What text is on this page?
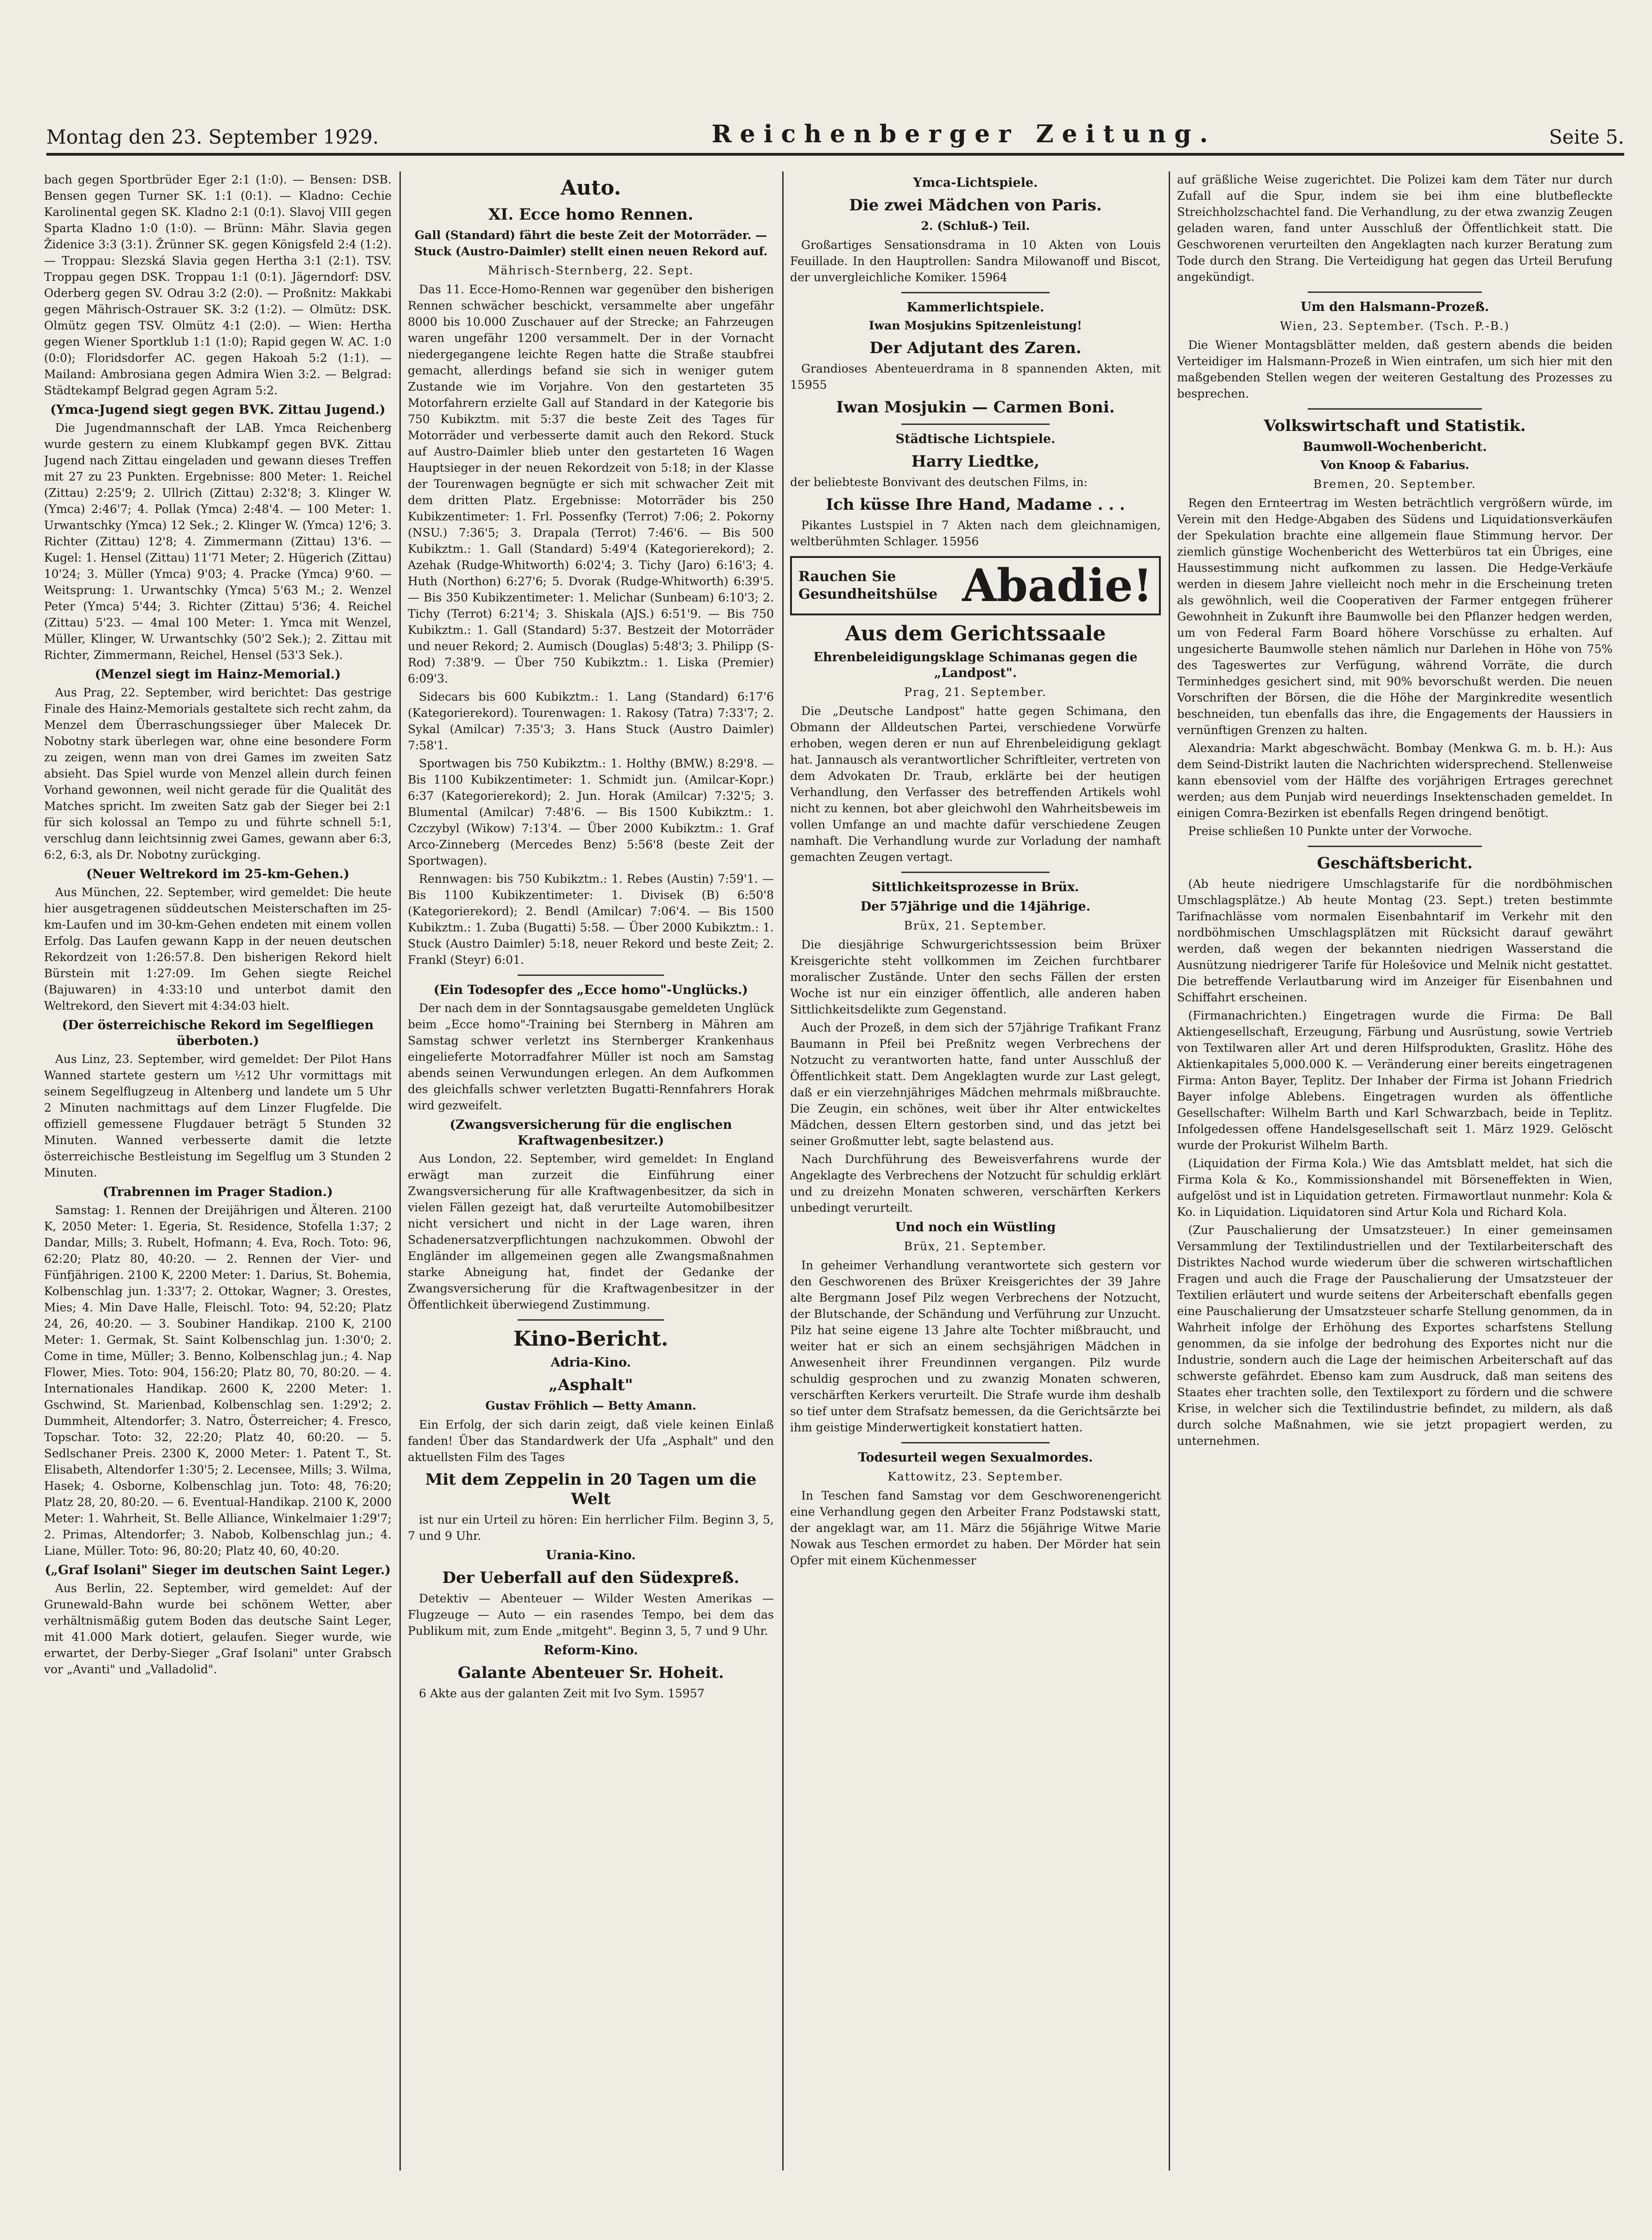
Montag den 23. September 1929.	Reichenberger Zeitung.	Seite 5.

bach gegen Sportbrüder Eger 2:1 (1:0). — Bensen: DSB. Bensen gegen Turner SK. 1:1 (0:1). — Kladno: Cechie Karolinental gegen SK. Kladno 2:1 (0:1). Slavoj VIII gegen Sparta Kladno 1:0 (1:0). — Brünn: Mähr. Slavia gegen Židenice 3:3 (3:1). Žrünner SK. gegen Königsfeld 2:4 (1:2). — Troppau: Slezská Slavia gegen Hertha 3:1 (2:1). TSV. Troppau gegen DSK. Troppau 1:1 (0:1). Jägerndorf: DSV. Oderberg gegen SV. Odrau 3:2 (2:0). — Proßnitz: Makkabi gegen Mährisch-Ostrauer SK. 3:2 (1:2). — Olmütz: DSK. Olmütz gegen TSV. Olmütz 4:1 (2:0). — Wien: Hertha gegen Wiener Sportklub 1:1 (1:0); Rapid gegen W. AC. 1:0 (0:0); Floridsdorfer AC. gegen Hakoah 5:2 (1:1). — Mailand: Ambrosiana gegen Admira Wien 3:2. — Belgrad: Städtekampf Belgrad gegen Agram 5:2.

(Ymca-Jugend siegt gegen BVK. Zittau Jugend.)

Die Jugendmannschaft der LAB. Ymca Reichenberg wurde gestern zu einem Klubkampf gegen BVK. Zittau Jugend nach Zittau eingeladen und gewann dieses Treffen mit 27 zu 23 Punkten. Ergebnisse: 800 Meter: 1. Reichel (Zittau) 2:25'9; 2. Ullrich (Zittau) 2:32'8; 3. Klinger W. (Ymca) 2:46'7; 4. Pollak (Ymca) 2:48'4. — 100 Meter: 1. Urwantschky (Ymca) 12 Sek.; 2. Klinger W. (Ymca) 12'6; 3. Richter (Zittau) 12'8; 4. Zimmermann (Zittau) 13'6. — Kugel: 1. Hensel (Zittau) 11'71 Meter; 2. Hügerich (Zittau) 10'24; 3. Müller (Ymca) 9'03; 4. Pracke (Ymca) 9'60. — Weitsprung: 1. Urwantschky (Ymca) 5'63 M.; 2. Wenzel Peter (Ymca) 5'44; 3. Richter (Zittau) 5'36; 4. Reichel (Zittau) 5'23. — 4mal 100 Meter: 1. Ymca mit Wenzel, Müller, Klinger, W. Urwantschky (50'2 Sek.); 2. Zittau mit Richter, Zimmermann, Reichel, Hensel (53'3 Sek.).

(Menzel siegt im Hainz-Memorial.)

Aus Prag, 22. September, wird berichtet: Das gestrige Finale des Hainz-Memorials gestaltete sich recht zahm, da Menzel dem Überraschungssieger über Malecek Dr. Nobotny stark überlegen war, ohne eine besondere Form zu zeigen, wenn man von drei Games im zweiten Satz absieht. Das Spiel wurde von Menzel allein durch feinen Vorhand gewonnen, weil nicht gerade für die Qualität des Matches spricht. Im zweiten Satz gab der Sieger bei 2:1 für sich kolossal an Tempo zu und führte schnell 5:1, verschlug dann leichtsinnig zwei Games, gewann aber 6:3, 6:2, 6:3, als Dr. Nobotny zurückging.

(Neuer Weltrekord im 25-km-Gehen.)

Aus München, 22. September, wird gemeldet: Die heute hier ausgetragenen süddeutschen Meisterschaften im 25-km-Laufen und im 30-km-Gehen endeten mit einem vollen Erfolg. Das Laufen gewann Kapp in der neuen deutschen Rekordzeit von 1:26:57.8. Den bisherigen Rekord hielt Bürstein mit 1:27:09. Im Gehen siegte Reichel (Bajuwaren) in 4:33:10 und unterbot damit den Weltrekord, den Sievert mit 4:34:03 hielt.

(Der österreichische Rekord im Segelfliegen überboten.)

Aus Linz, 23. September, wird gemeldet: Der Pilot Hans Wanned startete gestern um ½12 Uhr vormittags mit seinem Segelflugzeug in Altenberg und landete um 5 Uhr 2 Minuten nachmittags auf dem Linzer Flugfelde. Die offiziell gemessene Flugdauer beträgt 5 Stunden 32 Minuten. Wanned verbesserte damit die letzte österreichische Bestleistung im Segelflug um 3 Stunden 2 Minuten.

(Trabrennen im Prager Stadion.)

Samstag: 1. Rennen der Dreijährigen und Älteren. 2100 K, 2050 Meter: 1. Egeria, St. Residence, Stofella 1:37; 2 Dandar, Mills; 3. Rubelt, Hofmann; 4. Eva, Roch. Toto: 96, 62:20; Platz 80, 40:20. — 2. Rennen der Vier- und Fünfjährigen. 2100 K, 2200 Meter: 1. Darius, St. Bohemia, Kolbenschlag jun. 1:33'7; 2. Ottokar, Wagner; 3. Orestes, Mies; 4. Min Dave Halle, Fleischl. Toto: 94, 52:20; Platz 24, 26, 40:20. — 3. Soubiner Handikap. 2100 K, 2100 Meter: 1. Germak, St. Saint Kolbenschlag jun. 1:30'0; 2. Come in time, Müller; 3. Benno, Kolbenschlag jun.; 4. Nap Flower, Mies. Toto: 904, 156:20; Platz 80, 70, 80:20. — 4. Internationales Handikap. 2600 K, 2200 Meter: 1. Gschwind, St. Marienbad, Kolbenschlag sen. 1:29'2; 2. Dummheit, Altendorfer; 3. Natro, Österreicher; 4. Fresco, Topschar. Toto: 32, 22:20; Platz 40, 60:20. — 5. Sedlschaner Preis. 2300 K, 2000 Meter: 1. Patent T., St. Elisabeth, Altendorfer 1:30'5; 2. Lecensee, Mills; 3. Wilma, Hasek; 4. Osborne, Kolbenschlag jun. Toto: 48, 76:20; Platz 28, 20, 80:20. — 6. Eventual-Handikap. 2100 K, 2000 Meter: 1. Wahrheit, St. Belle Alliance, Winkelmaier 1:29'7; 2. Primas, Altendorfer; 3. Nabob, Kolbenschlag jun.; 4. Liane, Müller. Toto: 96, 80:20; Platz 40, 60, 40:20.

(„Graf Isolani" Sieger im deutschen Saint Leger.)

Aus Berlin, 22. September, wird gemeldet: Auf der Grunewald-Bahn wurde bei schönem Wetter, aber verhältnismäßig gutem Boden das deutsche Saint Leger, mit 41.000 Mark dotiert, gelaufen. Sieger wurde, wie erwartet, der Derby-Sieger „Graf Isolani" unter Grabsch vor „Avanti" und „Valladolid".

Auto.
XI. Ecce homo Rennen.
Gall (Standard) fährt die beste Zeit der Motorräder. — Stuck (Austro-Daimler) stellt einen neuen Rekord auf.
Mährisch-Sternberg, 22. Sept.

Das 11. Ecce-Homo-Rennen war gegenüber den bisherigen Rennen schwächer beschickt, versammelte aber ungefähr 8000 bis 10.000 Zuschauer auf der Strecke; an Fahrzeugen waren ungefähr 1200 versammelt. Der in der Vornacht niedergegangene leichte Regen hatte die Straße staubfrei gemacht, allerdings befand sie sich in weniger gutem Zustande wie im Vorjahre. Von den gestarteten 35 Motorfahrern erzielte Gall auf Standard in der Kategorie bis 750 Kubikztm. mit 5:37 die beste Zeit des Tages für Motorräder und verbesserte damit auch den Rekord. Stuck auf Austro-Daimler blieb unter den gestarteten 16 Wagen Hauptsieger in der neuen Rekordzeit von 5:18; in der Klasse der Tourenwagen begnügte er sich mit schwacher Zeit mit dem dritten Platz. Ergebnisse: Motorräder bis 250 Kubikzentimeter: 1. Frl. Possenfky (Terrot) 7:06; 2. Pokorny (NSU.) 7:36'5; 3. Drapala (Terrot) 7:46'6. — Bis 500 Kubikztm.: 1. Gall (Standard) 5:49'4 (Kategorierekord); 2. Azehak (Rudge-Whitworth) 6:02'4; 3. Tichy (Jaro) 6:16'3; 4. Huth (Northon) 6:27'6; 5. Dvorak (Rudge-Whitworth) 6:39'5. — Bis 350 Kubikzentimeter: 1. Melichar (Sunbeam) 6:10'3; 2. Tichy (Terrot) 6:21'4; 3. Shiskala (AJS.) 6:51'9. — Bis 750 Kubikztm.: 1. Gall (Standard) 5:37. Bestzeit der Motorräder und neuer Rekord; 2. Aumisch (Douglas) 5:48'3; 3. Philipp (S-Rod) 7:38'9. — Über 750 Kubikztm.: 1. Liska (Premier) 6:09'3.

Sidecars bis 600 Kubikztm.: 1. Lang (Standard) 6:17'6 (Kategorierekord). Tourenwagen: 1. Rakosy (Tatra) 7:33'7; 2. Sykal (Amilcar) 7:35'3; 3. Hans Stuck (Austro Daimler) 7:58'1.

Sportwagen bis 750 Kubikztm.: 1. Holthy (BMW.) 8:29'8. — Bis 1100 Kubikzentimeter: 1. Schmidt jun. (Amilcar-Kopr.) 6:37 (Kategorierekord); 2. Jun. Horak (Amilcar) 7:32'5; 3. Blumental (Amilcar) 7:48'6. — Bis 1500 Kubikztm.: 1. Czczybyl (Wikow) 7:13'4. — Über 2000 Kubikztm.: 1. Graf Arco-Zinneberg (Mercedes Benz) 5:56'8 (beste Zeit der Sportwagen).

Rennwagen: bis 750 Kubikztm.: 1. Rebes (Austin) 7:59'1. — Bis 1100 Kubikzentimeter: 1. Divisek (B) 6:50'8 (Kategorierekord); 2. Bendl (Amilcar) 7:06'4. — Bis 1500 Kubikztm.: 1. Zuba (Bugatti) 5:58. — Über 2000 Kubikztm.: 1. Stuck (Austro Daimler) 5:18, neuer Rekord und beste Zeit; 2. Frankl (Steyr) 6:01.

(Ein Todesopfer des „Ecce homo"-Unglücks.)

Der nach dem in der Sonntagsausgabe gemeldeten Unglück beim „Ecce homo"-Training bei Sternberg in Mähren am Samstag schwer verletzt ins Sternberger Krankenhaus eingelieferte Motorradfahrer Müller ist noch am Samstag abends seinen Verwundungen erlegen. An dem Aufkommen des gleichfalls schwer verletzten Bugatti-Rennfahrers Horak wird gezweifelt.

(Zwangsversicherung für die englischen Kraftwagenbesitzer.)

Aus London, 22. September, wird gemeldet: In England erwägt man zurzeit die Einführung einer Zwangsversicherung für alle Kraftwagenbesitzer, da sich in vielen Fällen gezeigt hat, daß verurteilte Automobilbesitzer nicht versichert und nicht in der Lage waren, ihren Schadenersatzverpflichtungen nachzukommen. Obwohl der Engländer im allgemeinen gegen alle Zwangsmaßnahmen starke Abneigung hat, findet der Gedanke der Zwangsversicherung für die Kraftwagenbesitzer in der Öffentlichkeit überwiegend Zustimmung.

Kino-Bericht.
Adria-Kino.
„Asphalt"
Gustav Fröhlich — Betty Amann.

Ein Erfolg, der sich darin zeigt, daß viele keinen Einlaß fanden! Über das Standardwerk der Ufa „Asphalt" und den aktuellsten Film des Tages

Mit dem Zeppelin in 20 Tagen um die Welt

ist nur ein Urteil zu hören: Ein herrlicher Film. Beginn 3, 5, 7 und 9 Uhr.

Urania-Kino.
Der Ueberfall auf den Südexpreß.

Detektiv — Abenteuer — Wilder Westen Amerikas — Flugzeuge — Auto — ein rasendes Tempo, bei dem das Publikum mit, zum Ende „mitgeht". Beginn 3, 5, 7 und 9 Uhr.

Reform-Kino.
Galante Abenteuer Sr. Hoheit.

6 Akte aus der galanten Zeit mit Ivo Sym. 15957

Ymca-Lichtspiele.
Die zwei Mädchen von Paris.
2. (Schluß-) Teil.

Großartiges Sensationsdrama in 10 Akten von Louis Feuillade. In den Hauptrollen: Sandra Milowanoff und Biscot, der unvergleichliche Komiker. 15964

Kammerlichtspiele.
Iwan Mosjukins Spitzenleistung!
Der Adjutant des Zaren.

Grandioses Abenteuerdrama in 8 spannenden Akten, mit 15955

Iwan Mosjukin — Carmen Boni.
Städtische Lichtspiele.
Harry Liedtke,

der beliebteste Bonvivant des deutschen Films, in:

Ich küsse Ihre Hand, Madame . . .

Pikantes Lustspiel in 7 Akten nach dem gleichnamigen, weltberühmten Schlager. 15956

Rauchen Sie
Gesundheitshülse Abadie!
Aus dem Gerichtssaale
Ehrenbeleidigungsklage Schimanas gegen die „Landpost".
Prag, 21. September.

Die „Deutsche Landpost" hatte gegen Schimana, den Obmann der Alldeutschen Partei, verschiedene Vorwürfe erhoben, wegen deren er nun auf Ehrenbeleidigung geklagt hat. Jannausch als verantwortlicher Schriftleiter, vertreten von dem Advokaten Dr. Traub, erklärte bei der heutigen Verhandlung, den Verfasser des betreffenden Artikels wohl nicht zu kennen, bot aber gleichwohl den Wahrheitsbeweis im vollen Umfange an und machte dafür verschiedene Zeugen namhaft. Die Verhandlung wurde zur Vorladung der namhaft gemachten Zeugen vertagt.

Sittlichkeitsprozesse in Brüx.
Der 57jährige und die 14jährige.
Brüx, 21. September.

Die diesjährige Schwurgerichtssession beim Brüxer Kreisgerichte steht vollkommen im Zeichen furchtbarer moralischer Zustände. Unter den sechs Fällen der ersten Woche ist nur ein einziger öffentlich, alle anderen haben Sittlichkeitsdelikte zum Gegenstand.

Auch der Prozeß, in dem sich der 57jährige Trafikant Franz Baumann in Pfeil bei Preßnitz wegen Verbrechens der Notzucht zu verantworten hatte, fand unter Ausschluß der Öffentlichkeit statt. Dem Angeklagten wurde zur Last gelegt, daß er ein vierzehnjähriges Mädchen mehrmals mißbrauchte. Die Zeugin, ein schönes, weit über ihr Alter entwickeltes Mädchen, dessen Eltern gestorben sind, und das jetzt bei seiner Großmutter lebt, sagte belastend aus.

Nach Durchführung des Beweisverfahrens wurde der Angeklagte des Verbrechens der Notzucht für schuldig erklärt und zu dreizehn Monaten schweren, verschärften Kerkers unbedingt verurteilt.

Und noch ein Wüstling
Brüx, 21. September.

In geheimer Verhandlung verantwortete sich gestern vor den Geschworenen des Brüxer Kreisgerichtes der 39 Jahre alte Bergmann Josef Pilz wegen Verbrechens der Notzucht, der Blutschande, der Schändung und Verführung zur Unzucht. Pilz hat seine eigene 13 Jahre alte Tochter mißbraucht, und weiter hat er sich an einem sechsjährigen Mädchen in Anwesenheit ihrer Freundinnen vergangen. Pilz wurde schuldig gesprochen und zu zwanzig Monaten schweren, verschärften Kerkers verurteilt. Die Strafe wurde ihm deshalb so tief unter dem Strafsatz bemessen, da die Gerichtsärzte bei ihm geistige Minderwertigkeit konstatiert hatten.

Todesurteil wegen Sexualmordes.
Kattowitz, 23. September.

In Teschen fand Samstag vor dem Geschworenengericht eine Verhandlung gegen den Arbeiter Franz Podstawski statt, der angeklagt war, am 11. März die 56jährige Witwe Marie Nowak aus Teschen ermordet zu haben. Der Mörder hat sein Opfer mit einem Küchenmesser

auf gräßliche Weise zugerichtet. Die Polizei kam dem Täter nur durch Zufall auf die Spur, indem sie bei ihm eine blutbefleckte Streichholzschachtel fand. Die Verhandlung, zu der etwa zwanzig Zeugen geladen waren, fand unter Ausschluß der Öffentlichkeit statt. Die Geschworenen verurteilten den Angeklagten nach kurzer Beratung zum Tode durch den Strang. Die Verteidigung hat gegen das Urteil Berufung angekündigt.

Um den Halsmann-Prozeß.
Wien, 23. September. (Tsch. P.-B.)

Die Wiener Montagsblätter melden, daß gestern abends die beiden Verteidiger im Halsmann-Prozeß in Wien eintrafen, um sich hier mit den maßgebenden Stellen wegen der weiteren Gestaltung des Prozesses zu besprechen.

Volkswirtschaft und Statistik.
Baumwoll-Wochenbericht.
Von Knoop & Fabarius.
Bremen, 20. September.

Regen den Ernteertrag im Westen beträchtlich vergrößern würde, im Verein mit den Hedge-Abgaben des Südens und Liquidationsverkäufen der Spekulation brachte eine allgemein flaue Stimmung hervor. Der ziemlich günstige Wochenbericht des Wetterbüros tat ein Übriges, eine Haussestimmung nicht aufkommen zu lassen. Die Hedge-Verkäufe werden in diesem Jahre vielleicht noch mehr in die Erscheinung treten als gewöhnlich, weil die Cooperativen der Farmer entgegen früherer Gewohnheit in Zukunft ihre Baumwolle bei den Pflanzer hedgen werden, um von Federal Farm Board höhere Vorschüsse zu erhalten. Auf ungesicherte Baumwolle stehen nämlich nur Darlehen in Höhe von 75% des Tageswertes zur Verfügung, während Vorräte, die durch Terminhedges gesichert sind, mit 90% bevorschußt werden. Die neuen Vorschriften der Börsen, die die Höhe der Marginkredite wesentlich beschneiden, tun ebenfalls das ihre, die Engagements der Haussiers in vernünftigen Grenzen zu halten.

Alexandria: Markt abgeschwächt. Bombay (Menkwa G. m. b. H.): Aus dem Seind-Distrikt lauten die Nachrichten widersprechend. Stellenweise kann ebensoviel vom der Hälfte des vorjährigen Ertrages gerechnet werden; aus dem Punjab wird neuerdings Insektenschaden gemeldet. In einigen Comra-Bezirken ist ebenfalls Regen dringend benötigt.

Preise schließen 10 Punkte unter der Vorwoche.

Geschäftsbericht.

(Ab heute niedrigere Umschlagstarife für die nordböhmischen Umschlagsplätze.) Ab heute Montag (23. Sept.) treten bestimmte Tarifnachlässe vom normalen Eisenbahntarif im Verkehr mit den nordböhmischen Umschlagsplätzen mit Rücksicht darauf gewährt werden, daß wegen der bekannten niedrigen Wasserstand die Ausnützung niedrigerer Tarife für Holešovice und Melnik nicht gestattet. Die betreffende Verlautbarung wird im Anzeiger für Eisenbahnen und Schiffahrt erscheinen.

(Firmanachrichten.) Eingetragen wurde die Firma: De Ball Aktiengesellschaft, Erzeugung, Färbung und Ausrüstung, sowie Vertrieb von Textilwaren aller Art und deren Hilfsprodukten, Graslitz. Höhe des Aktienkapitales 5,000.000 K. — Veränderung einer bereits eingetragenen Firma: Anton Bayer, Teplitz. Der Inhaber der Firma ist Johann Friedrich Bayer infolge Ablebens. Eingetragen wurden als öffentliche Gesellschafter: Wilhelm Barth und Karl Schwarzbach, beide in Teplitz. Infolgedessen offene Handelsgesellschaft seit 1. März 1929. Gelöscht wurde der Prokurist Wilhelm Barth.

(Liquidation der Firma Kola.) Wie das Amtsblatt meldet, hat sich die Firma Kola & Ko., Kommissionshandel mit Börseneffekten in Wien, aufgelöst und ist in Liquidation getreten. Firmawortlaut nunmehr: Kola & Ko. in Liquidation. Liquidatoren sind Artur Kola und Richard Kola.

(Zur Pauschalierung der Umsatzsteuer.) In einer gemeinsamen Versammlung der Textilindustriellen und der Textilarbeiterschaft des Distriktes Nachod wurde wiederum über die schweren wirtschaftlichen Fragen und auch die Frage der Pauschalierung der Umsatzsteuer der Textilien erläutert und wurde seitens der Arbeiterschaft ebenfalls gegen eine Pauschalierung der Umsatzsteuer scharfe Stellung genommen, da in Wahrheit infolge der Erhöhung des Exportes scharfstens Stellung genommen, da sie infolge der bedrohung des Exportes nicht nur die Industrie, sondern auch die Lage der heimischen Arbeiterschaft auf das schwerste gefährdet. Ebenso kam zum Ausdruck, daß man seitens des Staates eher trachten solle, den Textilexport zu fördern und die schwere Krise, in welcher sich die Textilindustrie befindet, zu mildern, als daß durch solche Maßnahmen, wie sie jetzt propagiert werden, zu unternehmen.
